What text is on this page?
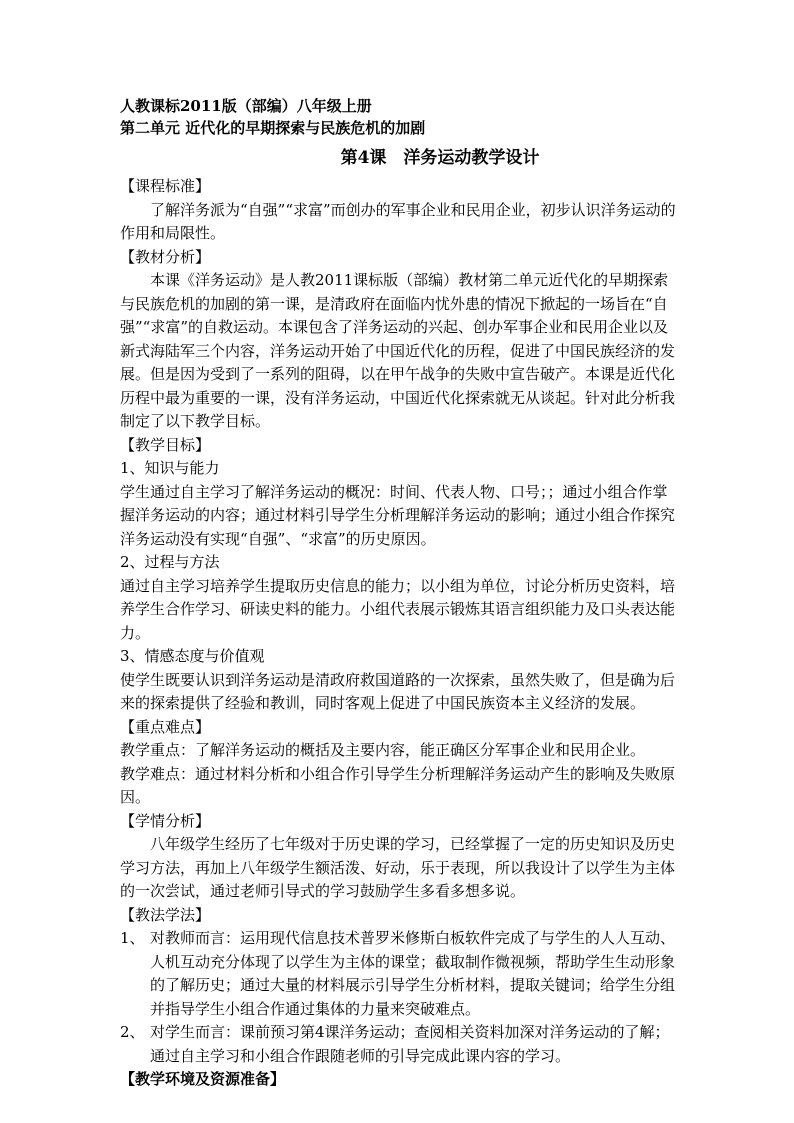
人教课标2011版（部编）八年级上册

第二单元 近代化的早期探索与民族危机的加剧

第4课　洋务运动教学设计

【课程标准】

了解洋务派为“自强”“求富”而创办的军事企业和民用企业，初步认识洋务运动的作用和局限性。

【教材分析】

本课《洋务运动》是人教2011课标版（部编）教材第二单元近代化的早期探索与民族危机的加剧的第一课，是清政府在面临内忧外患的情况下掀起的一场旨在“自强”“求富”的自救运动。本课包含了洋务运动的兴起、创办军事企业和民用企业以及新式海陆军三个内容，洋务运动开始了中国近代化的历程，促进了中国民族经济的发展。但是因为受到了一系列的阻碍，以在甲午战争的失败中宣告破产。本课是近代化历程中最为重要的一课，没有洋务运动，中国近代化探索就无从谈起。针对此分析我制定了以下教学目标。

【教学目标】

1、知识与能力

学生通过自主学习了解洋务运动的概况：时间、代表人物、口号；；通过小组合作掌握洋务运动的内容；通过材料引导学生分析理解洋务运动的影响；通过小组合作探究洋务运动没有实现“自强”、“求富”的历史原因。

2、过程与方法

通过自主学习培养学生提取历史信息的能力；以小组为单位，讨论分析历史资料，培养学生合作学习、研读史料的能力。小组代表展示锻炼其语言组织能力及口头表达能力。

3、情感态度与价值观

使学生既要认识到洋务运动是清政府救国道路的一次探索，虽然失败了，但是确为后来的探索提供了经验和教训，同时客观上促进了中国民族资本主义经济的发展。

【重点难点】

教学重点：了解洋务运动的概括及主要内容，能正确区分军事企业和民用企业。

教学难点：通过材料分析和小组合作引导学生分析理解洋务运动产生的影响及失败原因。

【学情分析】

八年级学生经历了七年级对于历史课的学习，已经掌握了一定的历史知识及历史学习方法，再加上八年级学生额活泼、好动，乐于表现，所以我设计了以学生为主体的一次尝试，通过老师引导式的学习鼓励学生多看多想多说。

【教法学法】

1、 对教师而言：运用现代信息技术普罗米修斯白板软件完成了与学生的人人互动、人机互动充分体现了以学生为主体的课堂；截取制作微视频，帮助学生生动形象的了解历史；通过大量的材料展示引导学生分析材料，提取关键词；给学生分组并指导学生小组合作通过集体的力量来突破难点。
2、 对学生而言：课前预习第4课洋务运动；查阅相关资料加深对洋务运动的了解；通过自主学习和小组合作跟随老师的引导完成此课内容的学习。

【教学环境及资源准备】
